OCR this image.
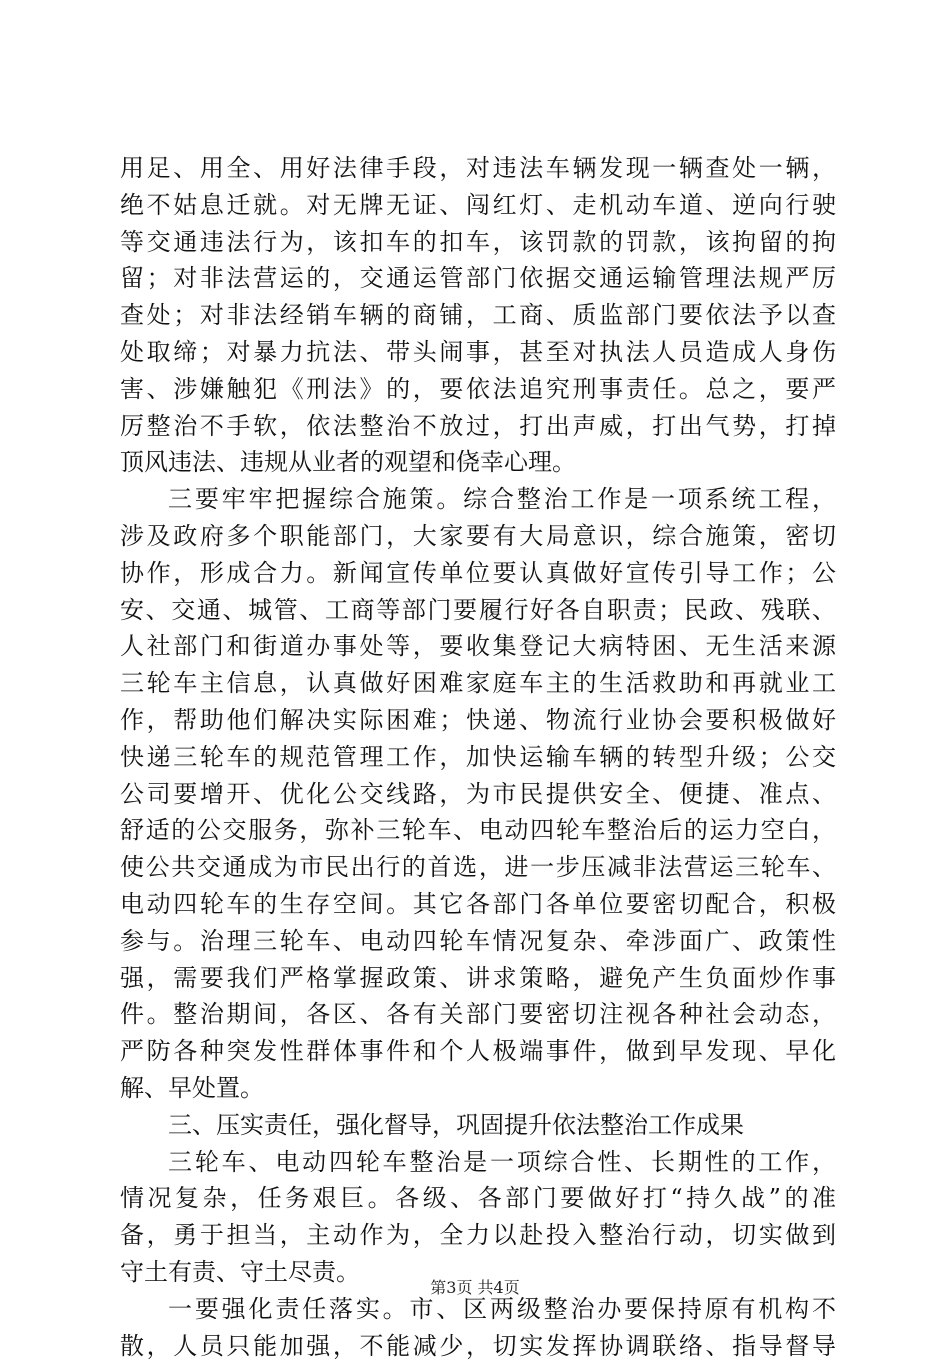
用足、用全、用好法律手段，对违法车辆发现一辆查处一辆，
绝不姑息迁就。对无牌无证、闯红灯、走机动车道、逆向行驶
等交通违法行为，该扣车的扣车，该罚款的罚款，该拘留的拘
留；对非法营运的，交通运管部门依据交通运输管理法规严厉
查处；对非法经销车辆的商铺，工商、质监部门要依法予以查
处取缔；对暴力抗法、带头闹事，甚至对执法人员造成人身伤
害、涉嫌触犯《刑法》的，要依法追究刑事责任。总之，要严
厉整治不手软，依法整治不放过，打出声威，打出气势，打掉
顶风违法、违规从业者的观望和侥幸心理。
三要牢牢把握综合施策。综合整治工作是一项系统工程，
涉及政府多个职能部门，大家要有大局意识，综合施策，密切
协作，形成合力。新闻宣传单位要认真做好宣传引导工作；公
安、交通、城管、工商等部门要履行好各自职责；民政、残联、
人社部门和街道办事处等，要收集登记大病特困、无生活来源
三轮车主信息，认真做好困难家庭车主的生活救助和再就业工
作，帮助他们解决实际困难；快递、物流行业协会要积极做好
快递三轮车的规范管理工作，加快运输车辆的转型升级；公交
公司要增开、优化公交线路，为市民提供安全、便捷、准点、
舒适的公交服务，弥补三轮车、电动四轮车整治后的运力空白，
使公共交通成为市民出行的首选，进一步压减非法营运三轮车、
电动四轮车的生存空间。其它各部门各单位要密切配合，积极
参与。治理三轮车、电动四轮车情况复杂、牵涉面广、政策性
强，需要我们严格掌握政策、讲求策略，避免产生负面炒作事
件。整治期间，各区、各有关部门要密切注视各种社会动态，
严防各种突发性群体事件和个人极端事件，做到早发现、早化
解、早处置。
三、压实责任，强化督导，巩固提升依法整治工作成果
三轮车、电动四轮车整治是一项综合性、长期性的工作，
情况复杂，任务艰巨。各级、各部门要做好打“持久战”的准
备，勇于担当，主动作为，全力以赴投入整治行动，切实做到
守土有责、守土尽责。
一要强化责任落实。市、区两级整治办要保持原有机构不
散，人员只能加强，不能减少，切实发挥协调联络、指导督导
第3页 共4页
